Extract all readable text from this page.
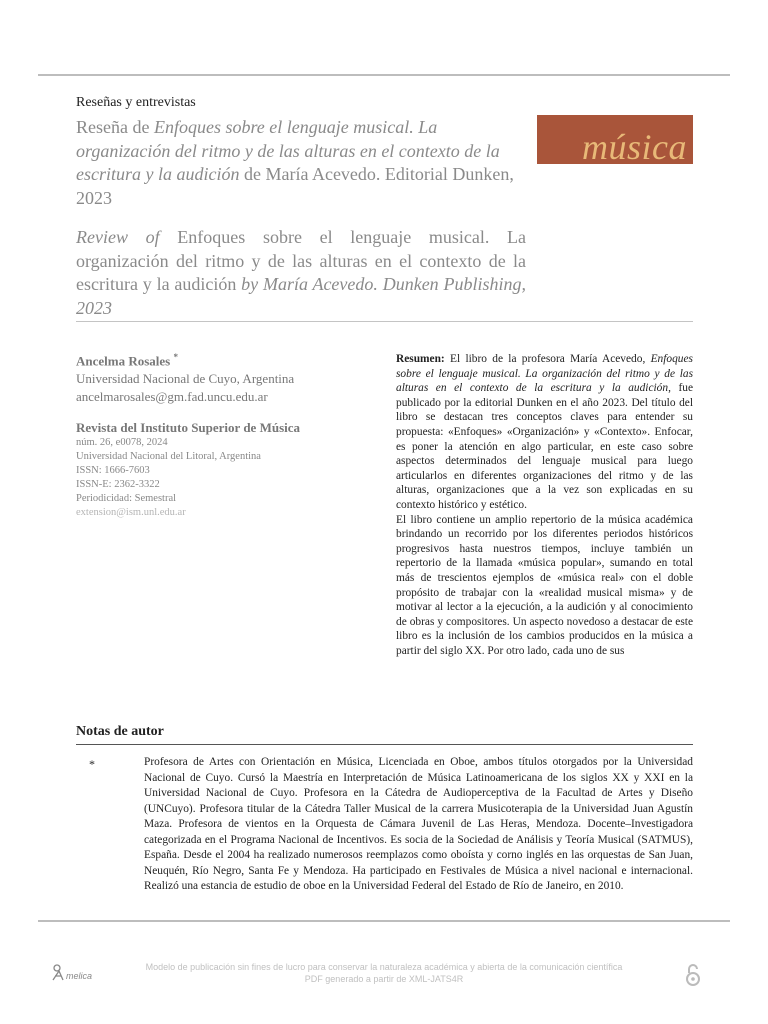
Reseñas y entrevistas
Reseña de Enfoques sobre el lenguaje musical. La organización del ritmo y de las alturas en el contexto de la escritura y la audición de María Acevedo. Editorial Dunken, 2023
música
Review of Enfoques sobre el lenguaje musical. La organización del ritmo y de las alturas en el contexto de la escritura y la audición by María Acevedo. Dunken Publishing, 2023
Ancelma Rosales *
Universidad Nacional de Cuyo, Argentina
ancelmarosales@gm.fad.uncu.edu.ar
Revista del Instituto Superior de Música
núm. 26, e0078, 2024
Universidad Nacional del Litoral, Argentina
ISSN: 1666-7603
ISSN-E: 2362-3322
Periodicidad: Semestral
extension@ism.unl.edu.ar

Resumen: El libro de la profesora María Acevedo, Enfoques sobre el lenguaje musical. La organización del ritmo y de las alturas en el contexto de la escritura y la audición, fue publicado por la editorial Dunken en el año 2023. Del título del libro se destacan tres conceptos claves para entender su propuesta: «Enfoques» «Organización» y «Contexto». Enfocar, es poner la atención en algo particular, en este caso sobre aspectos determinados del lenguaje musical para luego articularlos en diferentes organizaciones del ritmo y de las alturas, organizaciones que a la vez son explicadas en su contexto histórico y estético.

El libro contiene un amplio repertorio de la música académica brindando un recorrido por los diferentes periodos históricos progresivos hasta nuestros tiempos, incluye también un repertorio de la llamada «música popular», sumando en total más de trescientos ejemplos de «música real» con el doble propósito de trabajar con la «realidad musical misma» y de motivar al lector a la ejecución, a la audición y al conocimiento de obras y compositores. Un aspecto novedoso a destacar de este libro es la inclusión de los cambios producidos en la música a partir del siglo XX. Por otro lado, cada uno de sus

Notas de autor
*	Profesora de Artes con Orientación en Música, Licenciada en Oboe, ambos títulos otorgados por la Universidad Nacional de Cuyo. Cursó la Maestría en Interpretación de Música Latinoamericana de los siglos XX y XXI en la Universidad Nacional de Cuyo. Profesora en la Cátedra de Audioperceptiva de la Facultad de Artes y Diseño (UNCuyo). Profesora titular de la Cátedra Taller Musical de la carrera Musicoterapia de la Universidad Juan Agustín Maza. Profesora de vientos en la Orquesta de Cámara Juvenil de Las Heras, Mendoza. Docente–Investigadora categorizada en el Programa Nacional de Incentivos. Es socia de la Sociedad de Análisis y Teoría Musical (SATMUS), España. Desde el 2004 ha realizado numerosos reemplazos como oboísta y corno inglés en las orquestas de San Juan, Neuquén, Río Negro, Santa Fe y Mendoza. Ha participado en Festivales de Música a nivel nacional e internacional. Realizó una estancia de estudio de oboe en la Universidad Federal del Estado de Río de Janeiro, en 2010.
melica
Modelo de publicación sin fines de lucro para conservar la naturaleza académica y abierta de la comunicación científica
PDF generado a partir de XML-JATS4R
